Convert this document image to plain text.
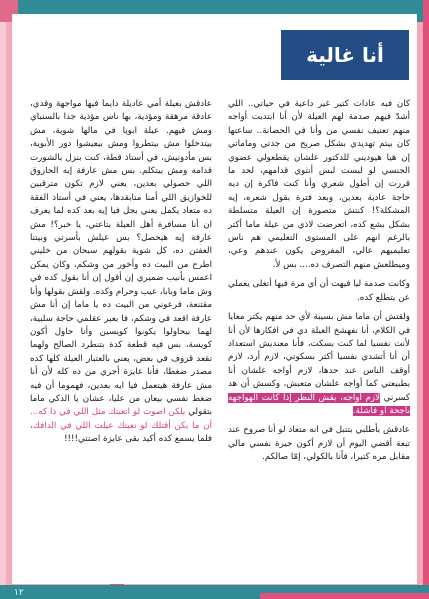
أنا غالية

كان فيه عادات كتير غير داعية في حياتي.. اللي أشدّ فيهم صدمة لهم العيلة لأن أنا ابتديت أواجه منهم تعنيف نفسي من وأنا في الحضانة.. ساعتها كان بيتم تهديدي بشكل صريح من جدتي وماماتي إن هيا هيوديني للدكتور علشان يقطعولي عضوي الجنسي لو لبست لبس أنثوي قدامهم، لحد ما قررت إن أطول شعري وأنا كنت فاكرة إن ديه حاجة عادية بعدين، وبعد فترة بقول شعره، إيه المشكلة؟! كنتش متصورة إن العيلة متسلطة بشكل بشع كده، اتعرضت لاذي من عيلة ماما أكتر بالرغم انهم على المستوى التعليمي هم ناس تعليميهم عالي، المفروض يكون عندهم وعي، وميطلعش منهم التصرف ده.... بس لأ.

وكانت صدمة ليا فيهت أن أي مرة فيها أتغلى يعملي عن يتطلع كده.

ولقتش أن ماما مش بسيبة لأي حد منهم يكتر معايا في الكلام، أنا نفهشخ العيلة دي في افكارها لأن أنا لأنت نفسيا لما كنت بسكت، فأنا معنديش استعداد أن أنا أتشدي نفسيا أكتر بسكوتي، لازم أرد، لازم أوقف الناس عند حدها، لازم أواجه علشان أنا بطبيعتي كما أواجه علشان متعبش، وكسش أن هد كسرني لازم أواجه، بقش النظر إذا كانت الهواجهه ناجحة أو فاشلة.

عادقش بأطلبي بتتبل في انه متعاد لو أنا صروخ عند تبعة أقضي اليوم أن لازم أكون جيرة نفسي مالي مقابل مره كتيرا، فأنا بالكولي، إمّا صالكم.

عادقش بعيلة أمي عاديلة دايما فيها مواجهة وقدي، عادقة مرهقة ومؤذية، بها ناس مؤذية جدا بالسنباي ومش فيهم. عيلة ابويا في مالها شوية، مش بيتدخلوا مش بيتطروا ومش بيعيشوا دور الأبوية، بس مأدونيش، في أستاذ قطة، كنت بنزل بالشورت قدامه ومش بيتكلم. بس مش عارفة إيه الحازوق اللي حصولي بعدين، يعني لازم تكون مترقبين للخوازيق اللي أمنا متابقدها، يعني في أستاذ الفقة ده متعاد يكمل يعني يجل فيا إيه بعد كده لما يعرف ان أنا مسافرة أهل العيلة بتاعتي، يا خبر؟! مش عارفة إيه هيحصل؟ بس عيلش بأسرتي وبيتنا العفتن ده، كل شوية بقولهم سبحان من خليني اطرح من البيت ده وأخور من وشكم، وكان يمكن اعمس بأنيب ضميري إن أقول إن أنا بقول كده في وش ماما وبابا، عيب وحرام وكده. ولقش بقولها وأنا مقتنعة، فرعوني من البيت ده يا ماما إن أنا مش عارفة اقعد في وشكم، فا بعير عقلمي حاجة سلبية، لهما بيحاولوا يكونوا كويسين وأنا حاول أكون كويسة، بس فيه قطعة كدة بتنطرد الصالح ولهما تقعد قزوف في بعض، يعني بالعتبار العيلة كلها كده مصدر ضغطا، فأنا عايزة أجري من ده كله لأن أنا مش عارفة هيتعمل فيا ايه بعدين، فهموما أن فيه ضغط نفسي بيعان من عليا، عشان يا الدكي ماما بتقولي يلكن اصوت لو اتعبتك مثل اللي في ذا كه... أن ما يكن أقتلك لو نعبتك عيلت اللي في الدافك، فلما يسمع كده أكيد بقى عايزة اصنتي!!!!

١٢
